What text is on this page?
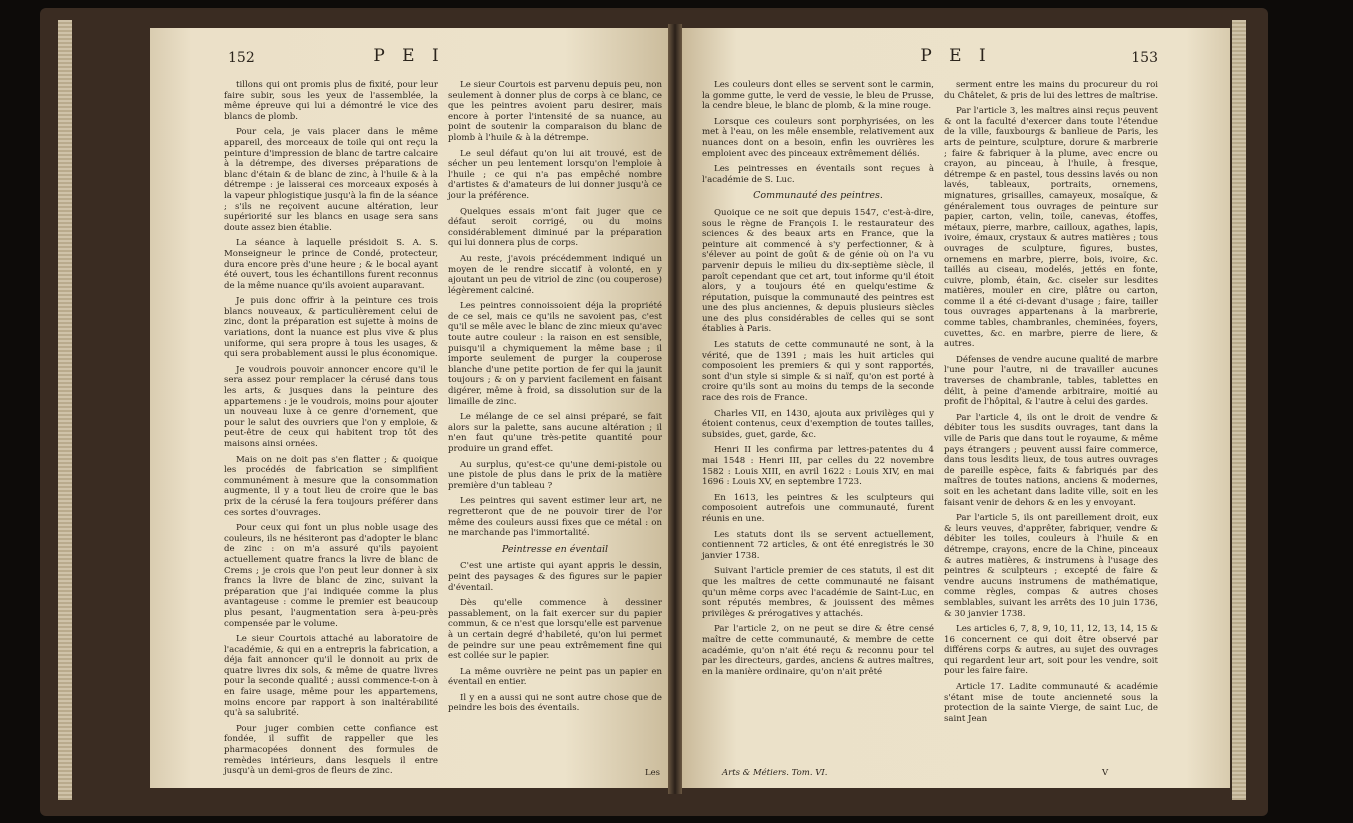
152	P E I

tillons qui ont promis plus de fixité, pour leur faire subir, sous les yeux de l'assemblée, la même épreuve qui lui a démontré le vice des blancs de plomb.

Pour cela, je vais placer dans le même appareil, des morceaux de toile qui ont reçu la peinture d'impression de blanc de tartre calcaire à la détrempe, des diverses préparations de blanc d'étain & de blanc de zinc, à l'huile & à la détrempe : je laisserai ces morceaux exposés à la vapeur phlogistique jusqu'à la fin de la séance ; s'ils ne reçoivent aucune altération, leur supériorité sur les blancs en usage sera sans doute assez bien établie.

La séance à laquelle présidoit S. A. S. Monseigneur le prince de Condé, protecteur, dura encore près d'une heure ; & le bocal ayant été ouvert, tous les échantillons furent reconnus de la même nuance qu'ils avoient auparavant.

Je puis donc offrir à la peinture ces trois blancs nouveaux, & particulièrement celui de zinc, dont la préparation est sujette à moins de variations, dont la nuance est plus vive & plus uniforme, qui sera propre à tous les usages, & qui sera probablement aussi le plus économique.

Je voudrois pouvoir annoncer encore qu'il le sera assez pour remplacer la cérusé dans tous les arts, & jusques dans la peinture des appartemens : je le voudrois, moins pour ajouter un nouveau luxe à ce genre d'ornement, que pour le salut des ouvriers que l'on y emploie, & peut-être de ceux qui habitent trop tôt des maisons ainsi ornées.

Mais on ne doit pas s'en flatter ; & quoique les procédés de fabrication se simplifient communément à mesure que la consommation augmente, il y a tout lieu de croire que le bas prix de la cérusé la fera toujours préférer dans ces sortes d'ouvrages.

Pour ceux qui font un plus noble usage des couleurs, ils ne hésiteront pas d'adopter le blanc de zinc : on m'a assuré qu'ils payoient actuellement quatre francs la livre de blanc de Crems ; je crois que l'on peut leur donner à six francs la livre de blanc de zinc, suivant la préparation que j'ai indiquée comme la plus avantageuse : comme le premier est beaucoup plus pesant, l'augmentation sera à-peu-près compensée par le volume.

Le sieur Courtois attaché au laboratoire de l'académie, & qui en a entrepris la fabrication, a déja fait annoncer qu'il le donnoit au prix de quatre livres dix sols, & même de quatre livres pour la seconde qualité ; aussi commence-t-on à en faire usage, même pour les appartemens, moins encore par rapport à son inaltérabilité qu'à sa salubrité.

Pour juger combien cette confiance est fondée, il suffit de rappeller que les pharmacopées donnent des formules de remèdes intérieurs, dans lesquels il entre jusqu'à un demi-gros de fleurs de zinc.

Le sieur Courtois est parvenu depuis peu, non seulement à donner plus de corps à ce blanc, ce que les peintres avoient paru desirer, mais encore à porter l'intensité de sa nuance, au point de soutenir la comparaison du blanc de plomb à l'huile & à la détrempe.

Le seul défaut qu'on lui ait trouvé, est de sécher un peu lentement lorsqu'on l'emploie à l'huile ; ce qui n'a pas empêché nombre d'artistes & d'amateurs de lui donner jusqu'à ce jour la préférence.

Quelques essais m'ont fait juger que ce défaut seroit corrigé, ou du moins considérablement diminué par la préparation qui lui donnera plus de corps.

Au reste, j'avois précédemment indiqué un moyen de le rendre siccatif à volonté, en y ajoutant un peu de vitriol de zinc (ou couperose) légèrement calciné.

Les peintres connoissoient déja la propriété de ce sel, mais ce qu'ils ne savoient pas, c'est qu'il se mêle avec le blanc de zinc mieux qu'avec toute autre couleur : la raison en est sensible, puisqu'il a chymiquement la même base ; il importe seulement de purger la couperose blanche d'une petite portion de fer qui la jaunit toujours ; & on y parvient facilement en faisant digérer, même à froid, sa dissolution sur de la limaille de zinc.

Le mélange de ce sel ainsi préparé, se fait alors sur la palette, sans aucune altération ; il n'en faut qu'une très-petite quantité pour produire un grand effet.

Au surplus, qu'est-ce qu'une demi-pistole ou une pistole de plus dans le prix de la matière première d'un tableau ?

Les peintres qui savent estimer leur art, ne regretteront que de ne pouvoir tirer de l'or même des couleurs aussi fixes que ce métal : on ne marchande pas l'immortalité.

Peintresse en éventail

C'est une artiste qui ayant appris le dessin, peint des paysages & des figures sur le papier d'éventail.

Dès qu'elle commence à dessiner passablement, on la fait exercer sur du papier commun, & ce n'est que lorsqu'elle est parvenue à un certain degré d'habileté, qu'on lui permet de peindre sur une peau extrêmement fine qui est collée sur le papier.

La même ouvrière ne peint pas un papier en éventail en entier.

Il y en a aussi qui ne sont autre chose que de peindre les bois des éventails.

Les
P E I	153

Les couleurs dont elles se servent sont le carmin, la gomme gutte, le verd de vessie, le bleu de Prusse, la cendre bleue, le blanc de plomb, & la mine rouge.

Lorsque ces couleurs sont porphyrisées, on les met à l'eau, on les mêle ensemble, relativement aux nuances dont on a besoin, enfin les ouvrières les emploient avec des pinceaux extrêmement déliés.

Les peintresses en éventails sont reçues à l'académie de S. Luc.

Communauté des peintres.

Quoique ce ne soit que depuis 1547, c'est-à-dire, sous le règne de François I. le restaurateur des sciences & des beaux arts en France, que la peinture ait commencé à s'y perfectionner, & à s'élever au point de goût & de génie où on l'a vu parvenir depuis le milieu du dix-septième siècle, il paroît cependant que cet art, tout informe qu'il étoit alors, y a toujours été en quelqu'estime & réputation, puisque la communauté des peintres est une des plus anciennes, & depuis plusieurs siècles une des plus considérables de celles qui se sont établies à Paris.

Les statuts de cette communauté ne sont, à la vérité, que de 1391 ; mais les huit articles qui composoient les premiers & qui y sont rapportés, sont d'un style si simple & si naïf, qu'on est porté à croire qu'ils sont au moins du temps de la seconde race des rois de France.

Charles VII, en 1430, ajouta aux privilèges qui y étoient contenus, ceux d'exemption de toutes tailles, subsides, guet, garde, &c.

Henri II les confirma par lettres-patentes du 4 mai 1548 : Henri III, par celles du 22 novembre 1582 : Louis XIII, en avril 1622 : Louis XIV, en mai 1696 : Louis XV, en septembre 1723.

En 1613, les peintres & les sculpteurs qui composoient autrefois une communauté, furent réunis en une.

Les statuts dont ils se servent actuellement, contiennent 72 articles, & ont été enregistrés le 30 janvier 1738.

Suivant l'article premier de ces statuts, il est dit que les maîtres de cette communauté ne faisant qu'un même corps avec l'académie de Saint-Luc, en sont réputés membres, & jouissent des mêmes privilèges & prérogatives y attachés.

Par l'article 2, on ne peut se dire & être censé maître de cette communauté, & membre de cette académie, qu'on n'ait été reçu & reconnu pour tel par les directeurs, gardes, anciens & autres maîtres, en la manière ordinaire, qu'on n'ait prêté

serment entre les mains du procureur du roi du Châtelet, & pris de lui des lettres de maîtrise.

Par l'article 3, les maîtres ainsi reçus peuvent & ont la faculté d'exercer dans toute l'étendue de la ville, fauxbourgs & banlieue de Paris, les arts de peinture, sculpture, dorure & marbrerie ; faire & fabriquer à la plume, avec encre ou crayon, au pinceau, à l'huile, à fresque, détrempe & en pastel, tous dessins lavés ou non lavés, tableaux, portraits, ornemens, mignatures, grisailles, camayeux, mosaïque, & généralement tous ouvrages de peinture sur papier, carton, velin, toile, canevas, étoffes, métaux, pierre, marbre, cailloux, agathes, lapis, ivoire, émaux, crystaux & autres matières ; tous ouvrages de sculpture, figures, bustes, ornemens en marbre, pierre, bois, ivoire, &c. taillés au ciseau, modelés, jettés en fonte, cuivre, plomb, étain, &c. ciseler sur lesdites matières, mouler en cire, plâtre ou carton, comme il a été ci-devant d'usage ; faire, tailler tous ouvrages appartenans à la marbrerie, comme tables, chambranles, cheminées, foyers, cuvettes, &c. en marbre, pierre de liere, & autres.

Défenses de vendre aucune qualité de marbre l'une pour l'autre, ni de travailler aucunes traverses de chambranle, tables, tablettes en délit, à peine d'amende arbitraire, moitié au profit de l'hôpital, & l'autre à celui des gardes.

Par l'article 4, ils ont le droit de vendre & débiter tous les susdits ouvrages, tant dans la ville de Paris que dans tout le royaume, & même pays étrangers ; peuvent aussi faire commerce, dans tous lesdits lieux, de tous autres ouvrages de pareille espèce, faits & fabriqués par des maîtres de toutes nations, anciens & modernes, soit en les achetant dans ladite ville, soit en les faisant venir de dehors & en les y envoyant.

Par l'article 5, ils ont pareillement droit, eux & leurs veuves, d'apprêter, fabriquer, vendre & débiter les toiles, couleurs à l'huile & en détrempe, crayons, encre de la Chine, pinceaux & autres matières, & instrumens à l'usage des peintres & sculpteurs ; excepté de faire & vendre aucuns instrumens de mathématique, comme règles, compas & autres choses semblables, suivant les arrêts des 10 juin 1736, & 30 janvier 1738.

Les articles 6, 7, 8, 9, 10, 11, 12, 13, 14, 15 & 16 concernent ce qui doit être observé par différens corps & autres, au sujet des ouvrages qui regardent leur art, soit pour les vendre, soit pour les faire faire.

Article 17. Ladite communauté & académie s'étant mise de toute ancienneté sous la protection de la sainte Vierge, de saint Luc, de saint Jean

Arts & Métiers. Tom. VI.	V
